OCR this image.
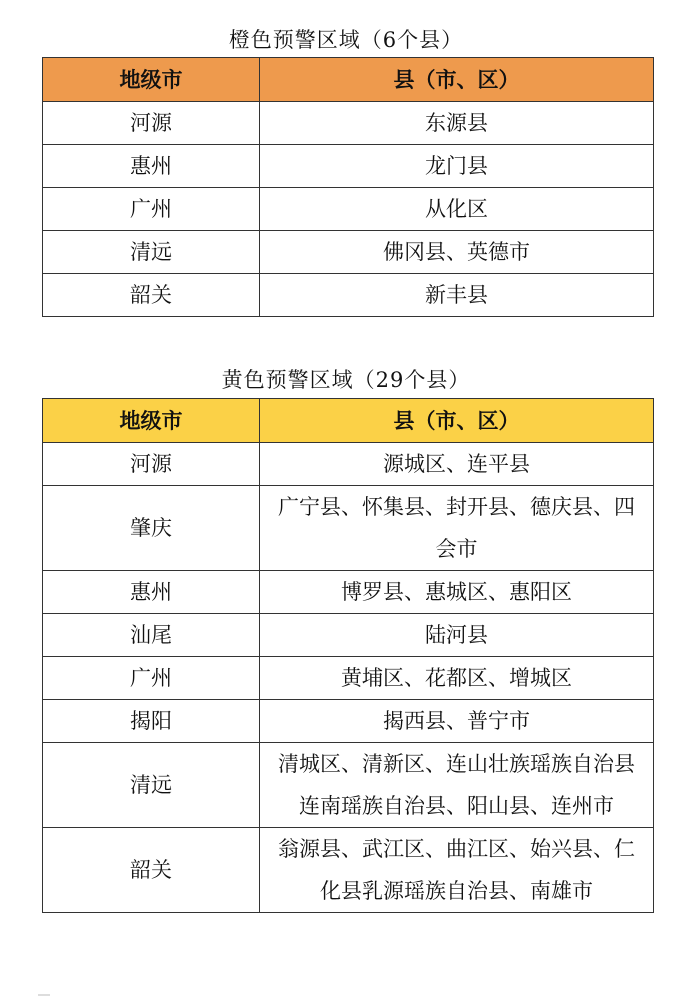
橙色预警区域（6个县）
地级市	县（市、区）
河源	东源县
惠州	龙门县
广州	从化区
清远	佛冈县、英德市
韶关	新丰县
黄色预警区域（29个县）
地级市	县（市、区）
河源	源城区、连平县
肇庆	广宁县、怀集县、封开县、德庆县、四会市
惠州	博罗县、惠城区、惠阳区
汕尾	陆河县
广州	黄埔区、花都区、增城区
揭阳	揭西县、普宁市
清远	清城区、清新区、连山壮族瑶族自治县连南瑶族自治县、阳山县、连州市
韶关	翁源县、武江区、曲江区、始兴县、仁化县乳源瑶族自治县、南雄市
